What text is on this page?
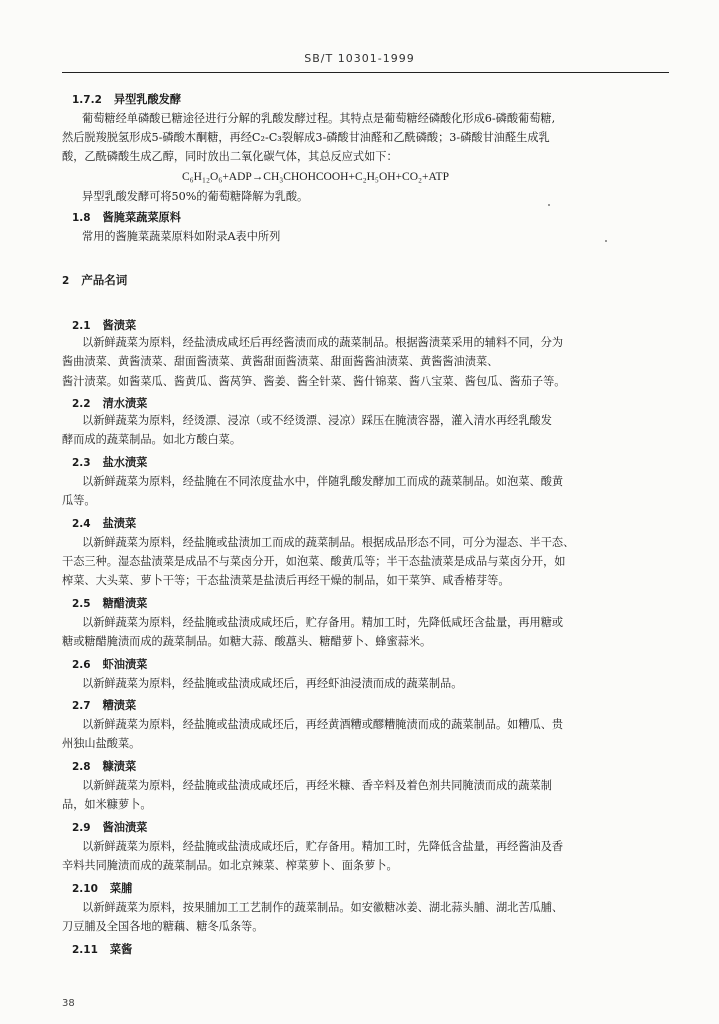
SB/T 10301-1999
1.7.2 异型乳酸发酵
葡萄糖经单磷酸已糖途径进行分解的乳酸发酵过程。其特点是葡萄糖经磷酸化形成6-磷酸葡萄糖,
然后脱羧脱氢形成5-磷酸木酮糖，再经C₂-C₃裂解成3-磷酸甘油醛和乙酰磷酸；3-磷酸甘油醛生成乳
酸，乙酰磷酸生成乙醇，同时放出二氧化碳气体，其总反应式如下：
C₆H₁₂O₆+ADP→CH₃CHOHCOOH+C₂H₅OH+CO₂+ATP
异型乳酸发酵可将50%的葡萄糖降解为乳酸。
1.8 酱腌菜蔬菜原料
常用的酱腌菜蔬菜原料如附录A表中所列
2 产品名词
2.1 酱渍菜
以新鲜蔬菜为原料，经盐渍成咸坯后再经酱渍而成的蔬菜制品。根据酱渍菜采用的辅料不同，分为
酱曲渍菜、黄酱渍菜、甜面酱渍菜、黄酱甜面酱渍菜、甜面酱酱油渍菜、黄酱酱油渍菜、
酱汁渍菜。如酱菜瓜、酱黄瓜、酱莴笋、酱姜、酱全针菜、酱什锦菜、酱八宝菜、酱包瓜、酱茄子等。
2.2 清水渍菜
以新鲜蔬菜为原料，经烫漂、浸凉（或不经烫漂、浸凉）踩压在腌渍容器，灌入清水再经乳酸发
酵而成的蔬菜制品。如北方酸白菜。
2.3 盐水渍菜
以新鲜蔬菜为原料，经盐腌在不同浓度盐水中，伴随乳酸发酵加工而成的蔬菜制品。如泡菜、酸黄
瓜等。
2.4 盐渍菜
以新鲜蔬菜为原料，经盐腌或盐渍加工而成的蔬菜制品。根据成品形态不同，可分为湿态、半干态、
干态三种。湿态盐渍菜是成品不与菜卤分开，如泡菜、酸黄瓜等；半干态盐渍菜是成品与菜卤分开，如
榨菜、大头菜、萝卜干等；干态盐渍菜是盐渍后再经干燥的制品，如干菜笋、咸香椿芽等。
2.5 糖醋渍菜
以新鲜蔬菜为原料，经盐腌或盐渍成咸坯后，贮存备用。精加工时，先降低咸坯含盐量，再用糖或
糖或糖醋腌渍而成的蔬菜制品。如糖大蒜、酸藠头、糖醋萝卜、蜂蜜蒜米。
2.6 虾油渍菜
以新鲜蔬菜为原料，经盐腌或盐渍成咸坯后，再经虾油浸渍而成的蔬菜制品。
2.7 糟渍菜
以新鲜蔬菜为原料，经盐腌或盐渍成咸坯后，再经黄酒糟或醪糟腌渍而成的蔬菜制品。如糟瓜、贵
州独山盐酸菜。
2.8 糠渍菜
以新鲜蔬菜为原料，经盐腌或盐渍成咸坯后，再经米糠、香辛料及着色剂共同腌渍而成的蔬菜制
品，如米糠萝卜。
2.9 酱油渍菜
以新鲜蔬菜为原料，经盐腌或盐渍成咸坯后，贮存备用。精加工时，先降低含盐量，再经酱油及香
辛料共同腌渍而成的蔬菜制品。如北京辣菜、榨菜萝卜、面条萝卜。
2.10 菜脯
以新鲜蔬菜为原料，按果脯加工工艺制作的蔬菜制品。如安徽糖冰姜、湖北蒜头脯、湖北苦瓜脯、
刀豆脯及全国各地的糖藕、糖冬瓜条等。
2.11 菜酱
38
